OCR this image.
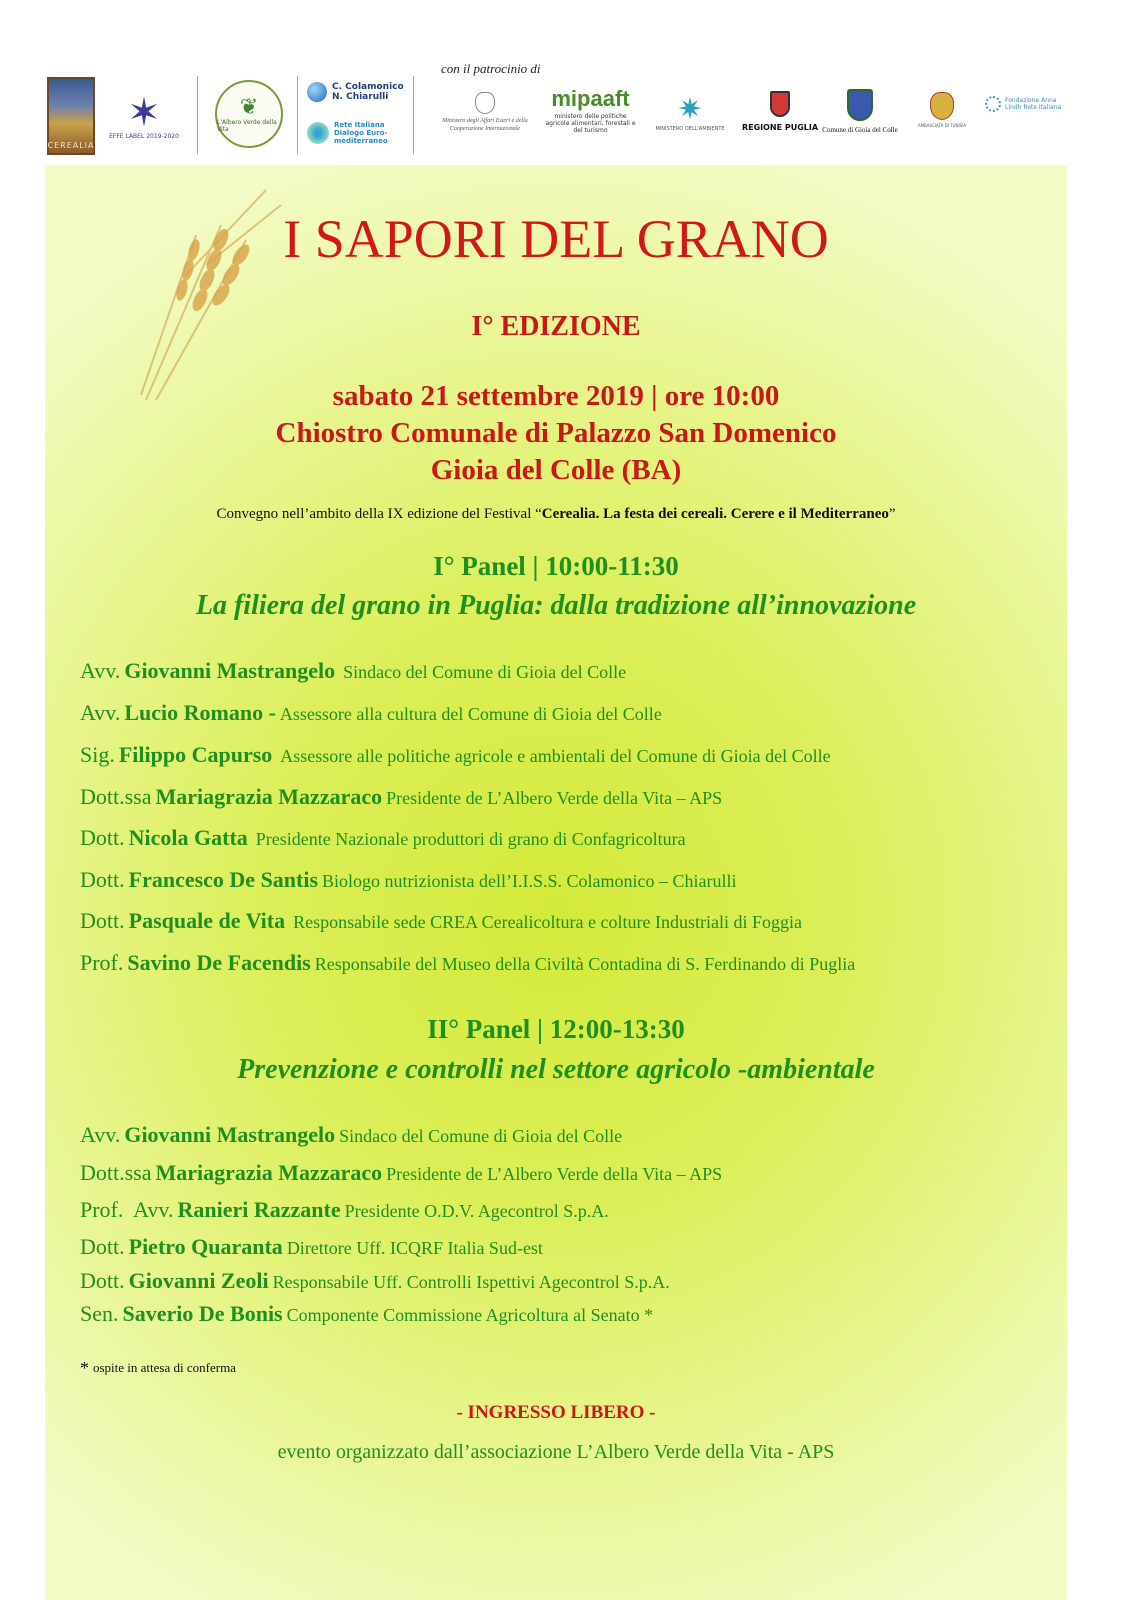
con il patrocinio di
CEREALIA
✶
EFFE LABEL 2019-2020
❦
L'Albero Verde della Vita
C. Colamonico N. Chiarulli
Rete Italiana Dialogo Euro-mediterraneo
Ministero degli Affari Esteri e della Cooperazione Internazionale
mipaaft
ministero delle politiche agricole alimentari, forestali e del turismo
✷
MINISTERO DELL'AMBIENTE REGIONE PUGLIA Comune di Gioia del Colle	AMBASCIATA DI TUNISIA
Fondazione Anna Lindh Rete Italiana
I SAPORI DEL GRANO
I° EDIZIONE
sabato 21 settembre 2019 | ore 10:00
Chiostro Comunale di Palazzo San Domenico
Gioia del Colle (BA)
Convegno nell’ambito della IX edizione del Festival “Cerealia. La festa dei cereali. Cerere e il Mediterraneo”
I° Panel | 10:00-11:30
La filiera del grano in Puglia: dalla tradizione all’innovazione
Avv. Giovanni Mastrangelo Sindaco del Comune di Gioia del Colle
Avv. Lucio Romano - Assessore alla cultura del Comune di Gioia del Colle
Sig. Filippo Capurso Assessore alle politiche agricole e ambientali del Comune di Gioia del Colle
Dott.ssa Mariagrazia Mazzaraco Presidente de L’Albero Verde della Vita – APS
Dott. Nicola Gatta Presidente Nazionale produttori di grano di Confagricoltura
Dott. Francesco De Santis Biologo nutrizionista dell’I.I.S.S. Colamonico – Chiarulli
Dott. Pasquale de Vita Responsabile sede CREA Cerealicoltura e colture Industriali di Foggia
Prof. Savino De Facendis Responsabile del Museo della Civiltà Contadina di S. Ferdinando di Puglia
II° Panel | 12:00-13:30
Prevenzione e controlli nel settore agricolo -ambientale
Avv. Giovanni Mastrangelo Sindaco del Comune di Gioia del Colle
Dott.ssa Mariagrazia Mazzaraco Presidente de L’Albero Verde della Vita – APS
Prof.  Avv. Ranieri Razzante Presidente O.D.V. Agecontrol S.p.A.
Dott. Pietro Quaranta Direttore Uff. ICQRF Italia Sud-est
Dott. Giovanni Zeoli Responsabile Uff. Controlli Ispettivi Agecontrol S.p.A.
Sen. Saverio De Bonis Componente Commissione Agricoltura al Senato *
* ospite in attesa di conferma
- INGRESSO LIBERO -
evento organizzato dall’associazione L’Albero Verde della Vita - APS
